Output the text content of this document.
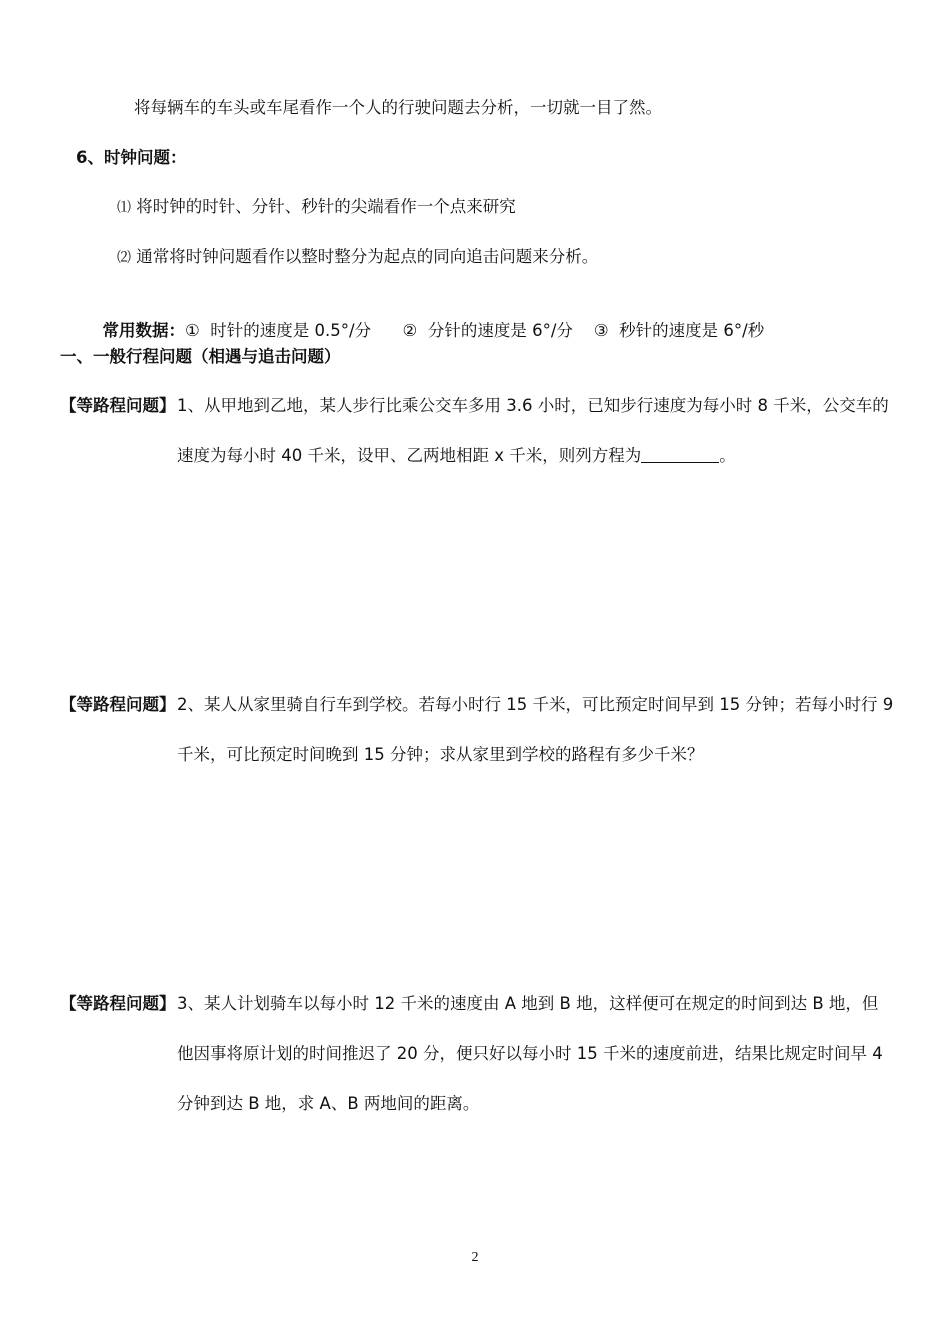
将每辆车的车头或车尾看作一个人的行驶问题去分析，一切就一目了然。
6、时钟问题：
⑴ 将时钟的时针、分针、秒针的尖端看作一个点来研究
⑵ 通常将时钟问题看作以整时整分为起点的同向追击问题来分析。

常用数据：①  时针的速度是 0.5°/分      ②  分针的速度是 6°/分    ③  秒针的速度是 6°/秒

一、一般行程问题（相遇与追击问题）
【等路程问题】 1、从甲地到乙地，某人步行比乘公交车多用 3.6 小时，已知步行速度为每小时 8 千米，公交车的
速度为每小时 40 千米，设甲、乙两地相距 x 千米，则列方程为	。
【等路程问题】 2、某人从家里骑自行车到学校。若每小时行 15 千米，可比预定时间早到 15 分钟；若每小时行 9
千米，可比预定时间晚到 15 分钟；求从家里到学校的路程有多少千米？
【等路程问题】 3、某人计划骑车以每小时 12 千米的速度由 A 地到 B 地，这样便可在规定的时间到达 B 地，但
他因事将原计划的时间推迟了 20 分，便只好以每小时 15 千米的速度前进，结果比规定时间早 4
分钟到达 B 地，求 A、B 两地间的距离。
2
